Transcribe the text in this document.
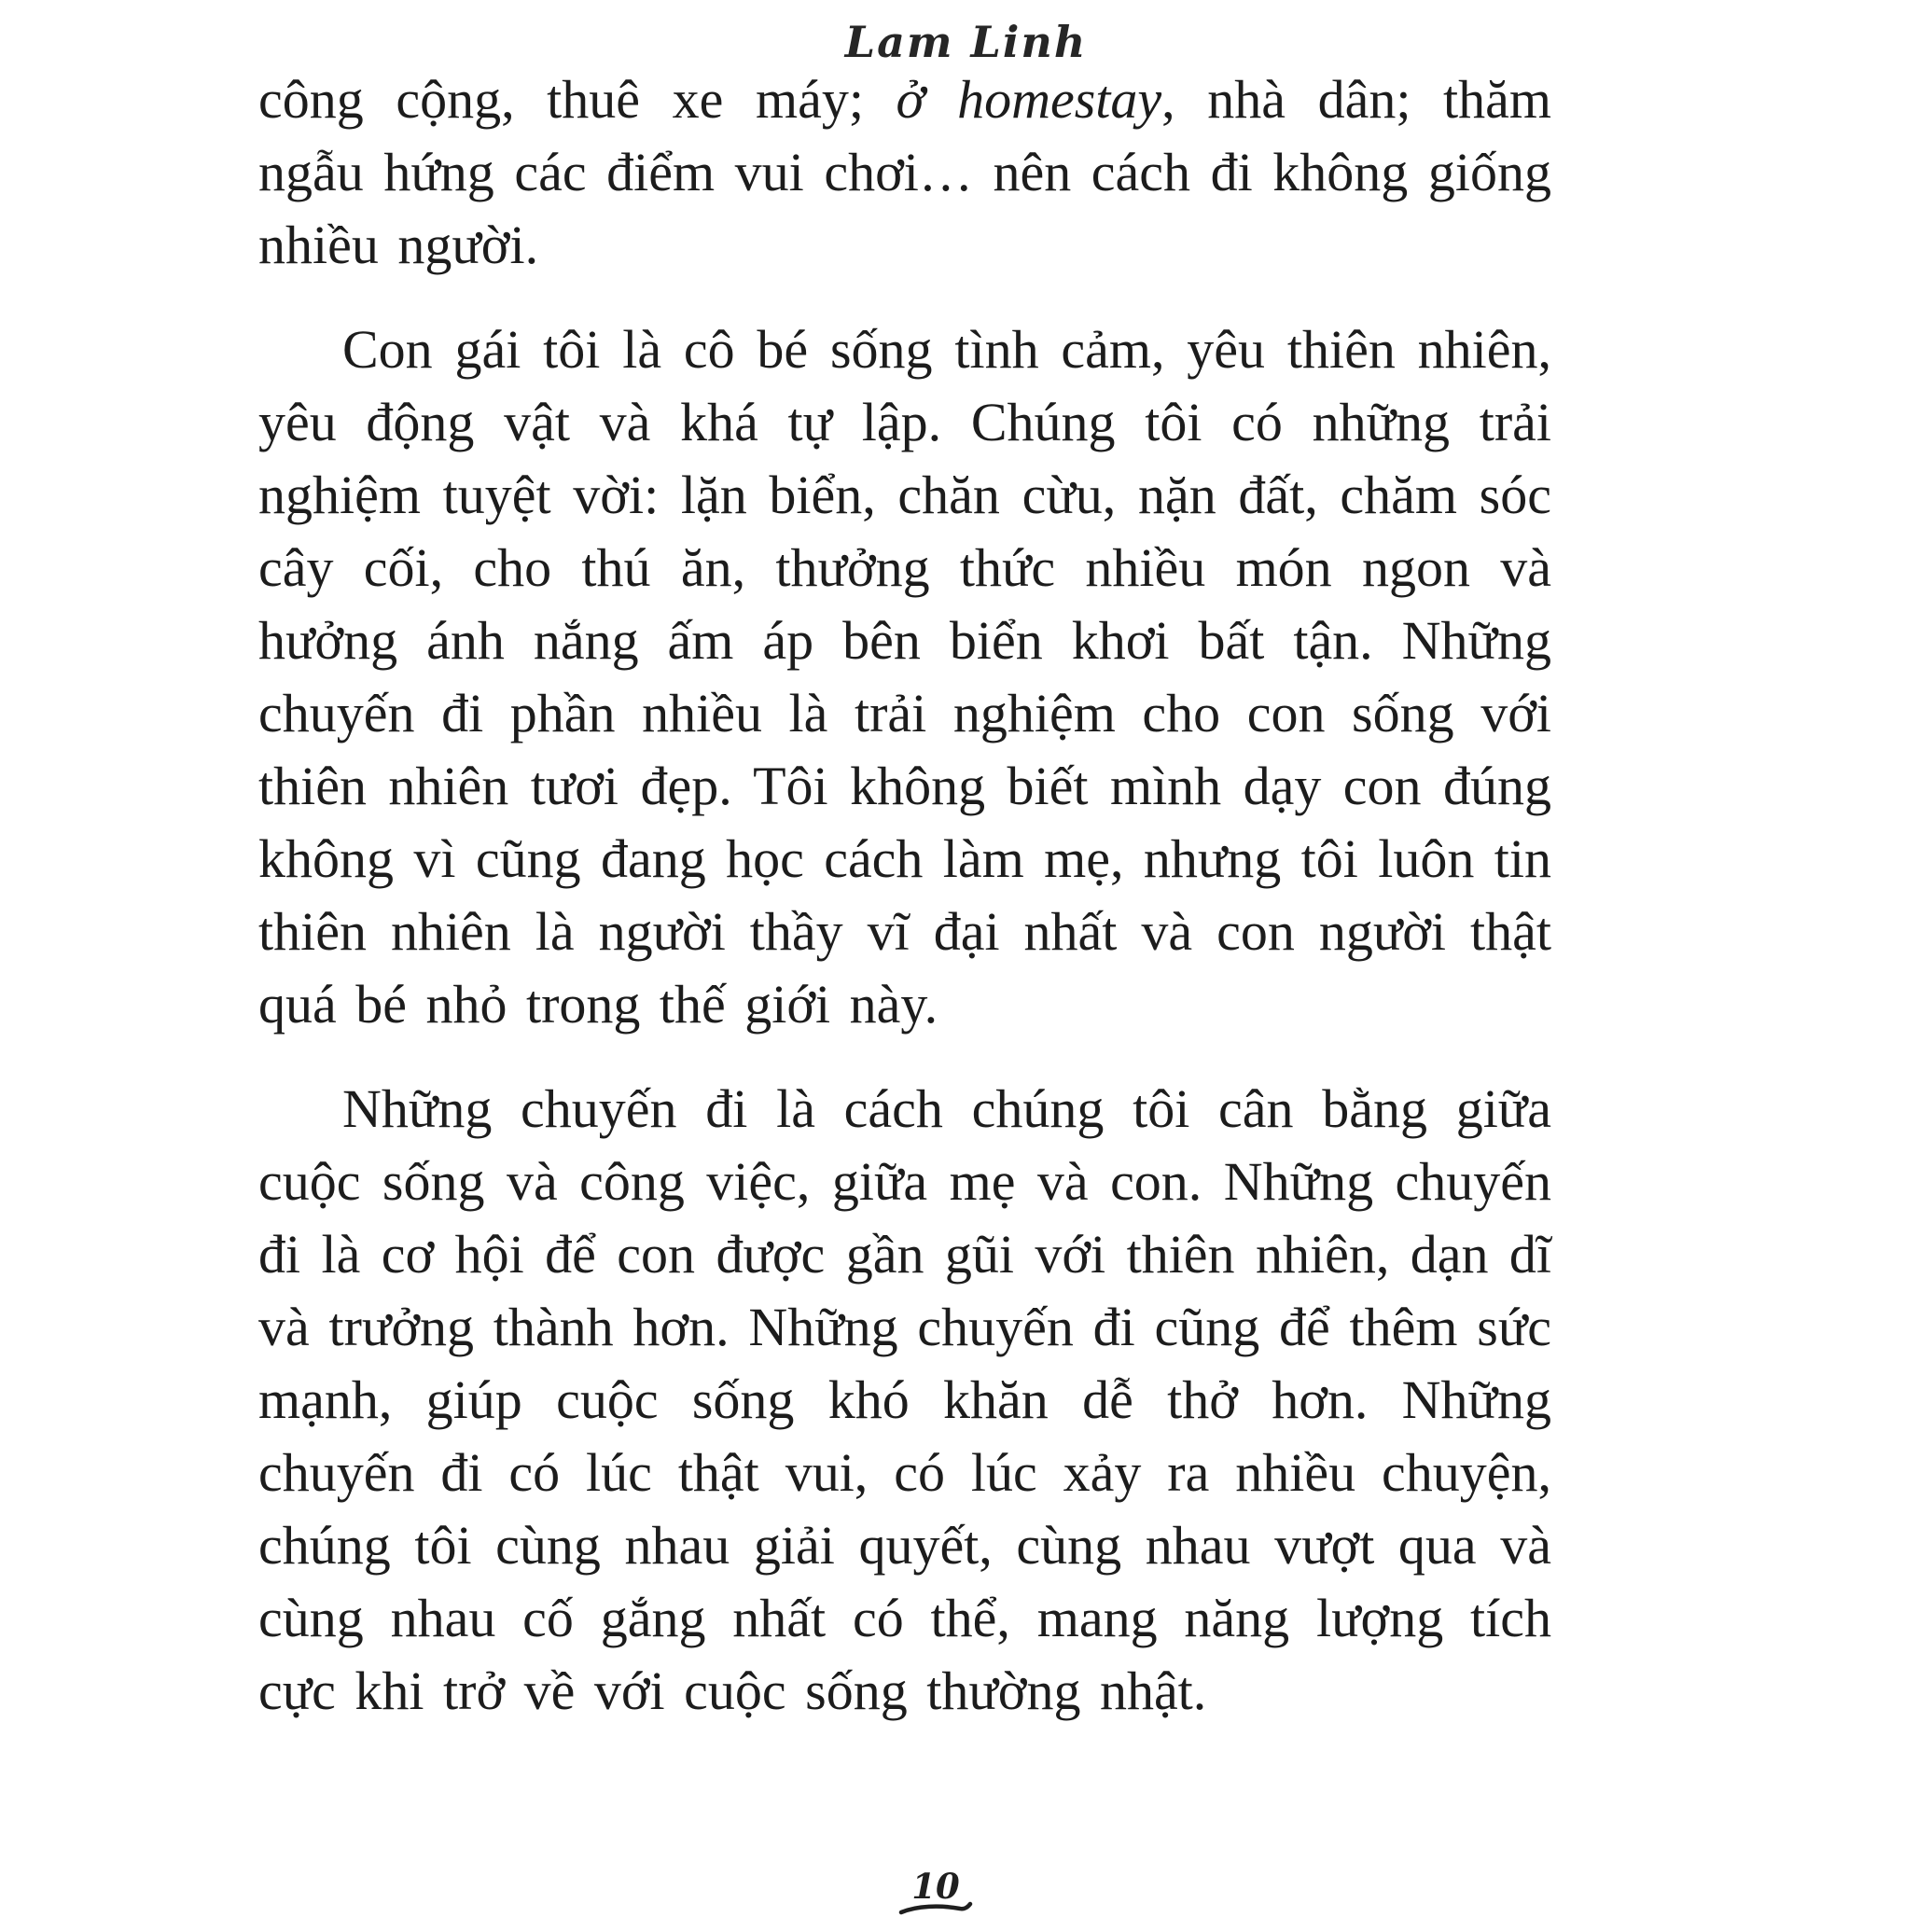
Lam Linh

công cộng, thuê xe máy; ở homestay, nhà dân; thăm ngẫu hứng các điểm vui chơi… nên cách đi không giống nhiều người.

Con gái tôi là cô bé sống tình cảm, yêu thiên nhiên, yêu động vật và khá tự lập. Chúng tôi có những trải nghiệm tuyệt vời: lặn biển, chăn cừu, nặn đất, chăm sóc cây cối, cho thú ăn, thưởng thức nhiều món ngon và hưởng ánh nắng ấm áp bên biển khơi bất tận. Những chuyến đi phần nhiều là trải nghiệm cho con sống với thiên nhiên tươi đẹp. Tôi không biết mình dạy con đúng không vì cũng đang học cách làm mẹ, nhưng tôi luôn tin thiên nhiên là người thầy vĩ đại nhất và con người thật quá bé nhỏ trong thế giới này.

Những chuyến đi là cách chúng tôi cân bằng giữa cuộc sống và công việc, giữa mẹ và con. Những chuyến đi là cơ hội để con được gần gũi với thiên nhiên, dạn dĩ và trưởng thành hơn. Những chuyến đi cũng để thêm sức mạnh, giúp cuộc sống khó khăn dễ thở hơn. Những chuyến đi có lúc thật vui, có lúc xảy ra nhiều chuyện, chúng tôi cùng nhau giải quyết, cùng nhau vượt qua và cùng nhau cố gắng nhất có thể, mang năng lượng tích cực khi trở về với cuộc sống thường nhật.

10
